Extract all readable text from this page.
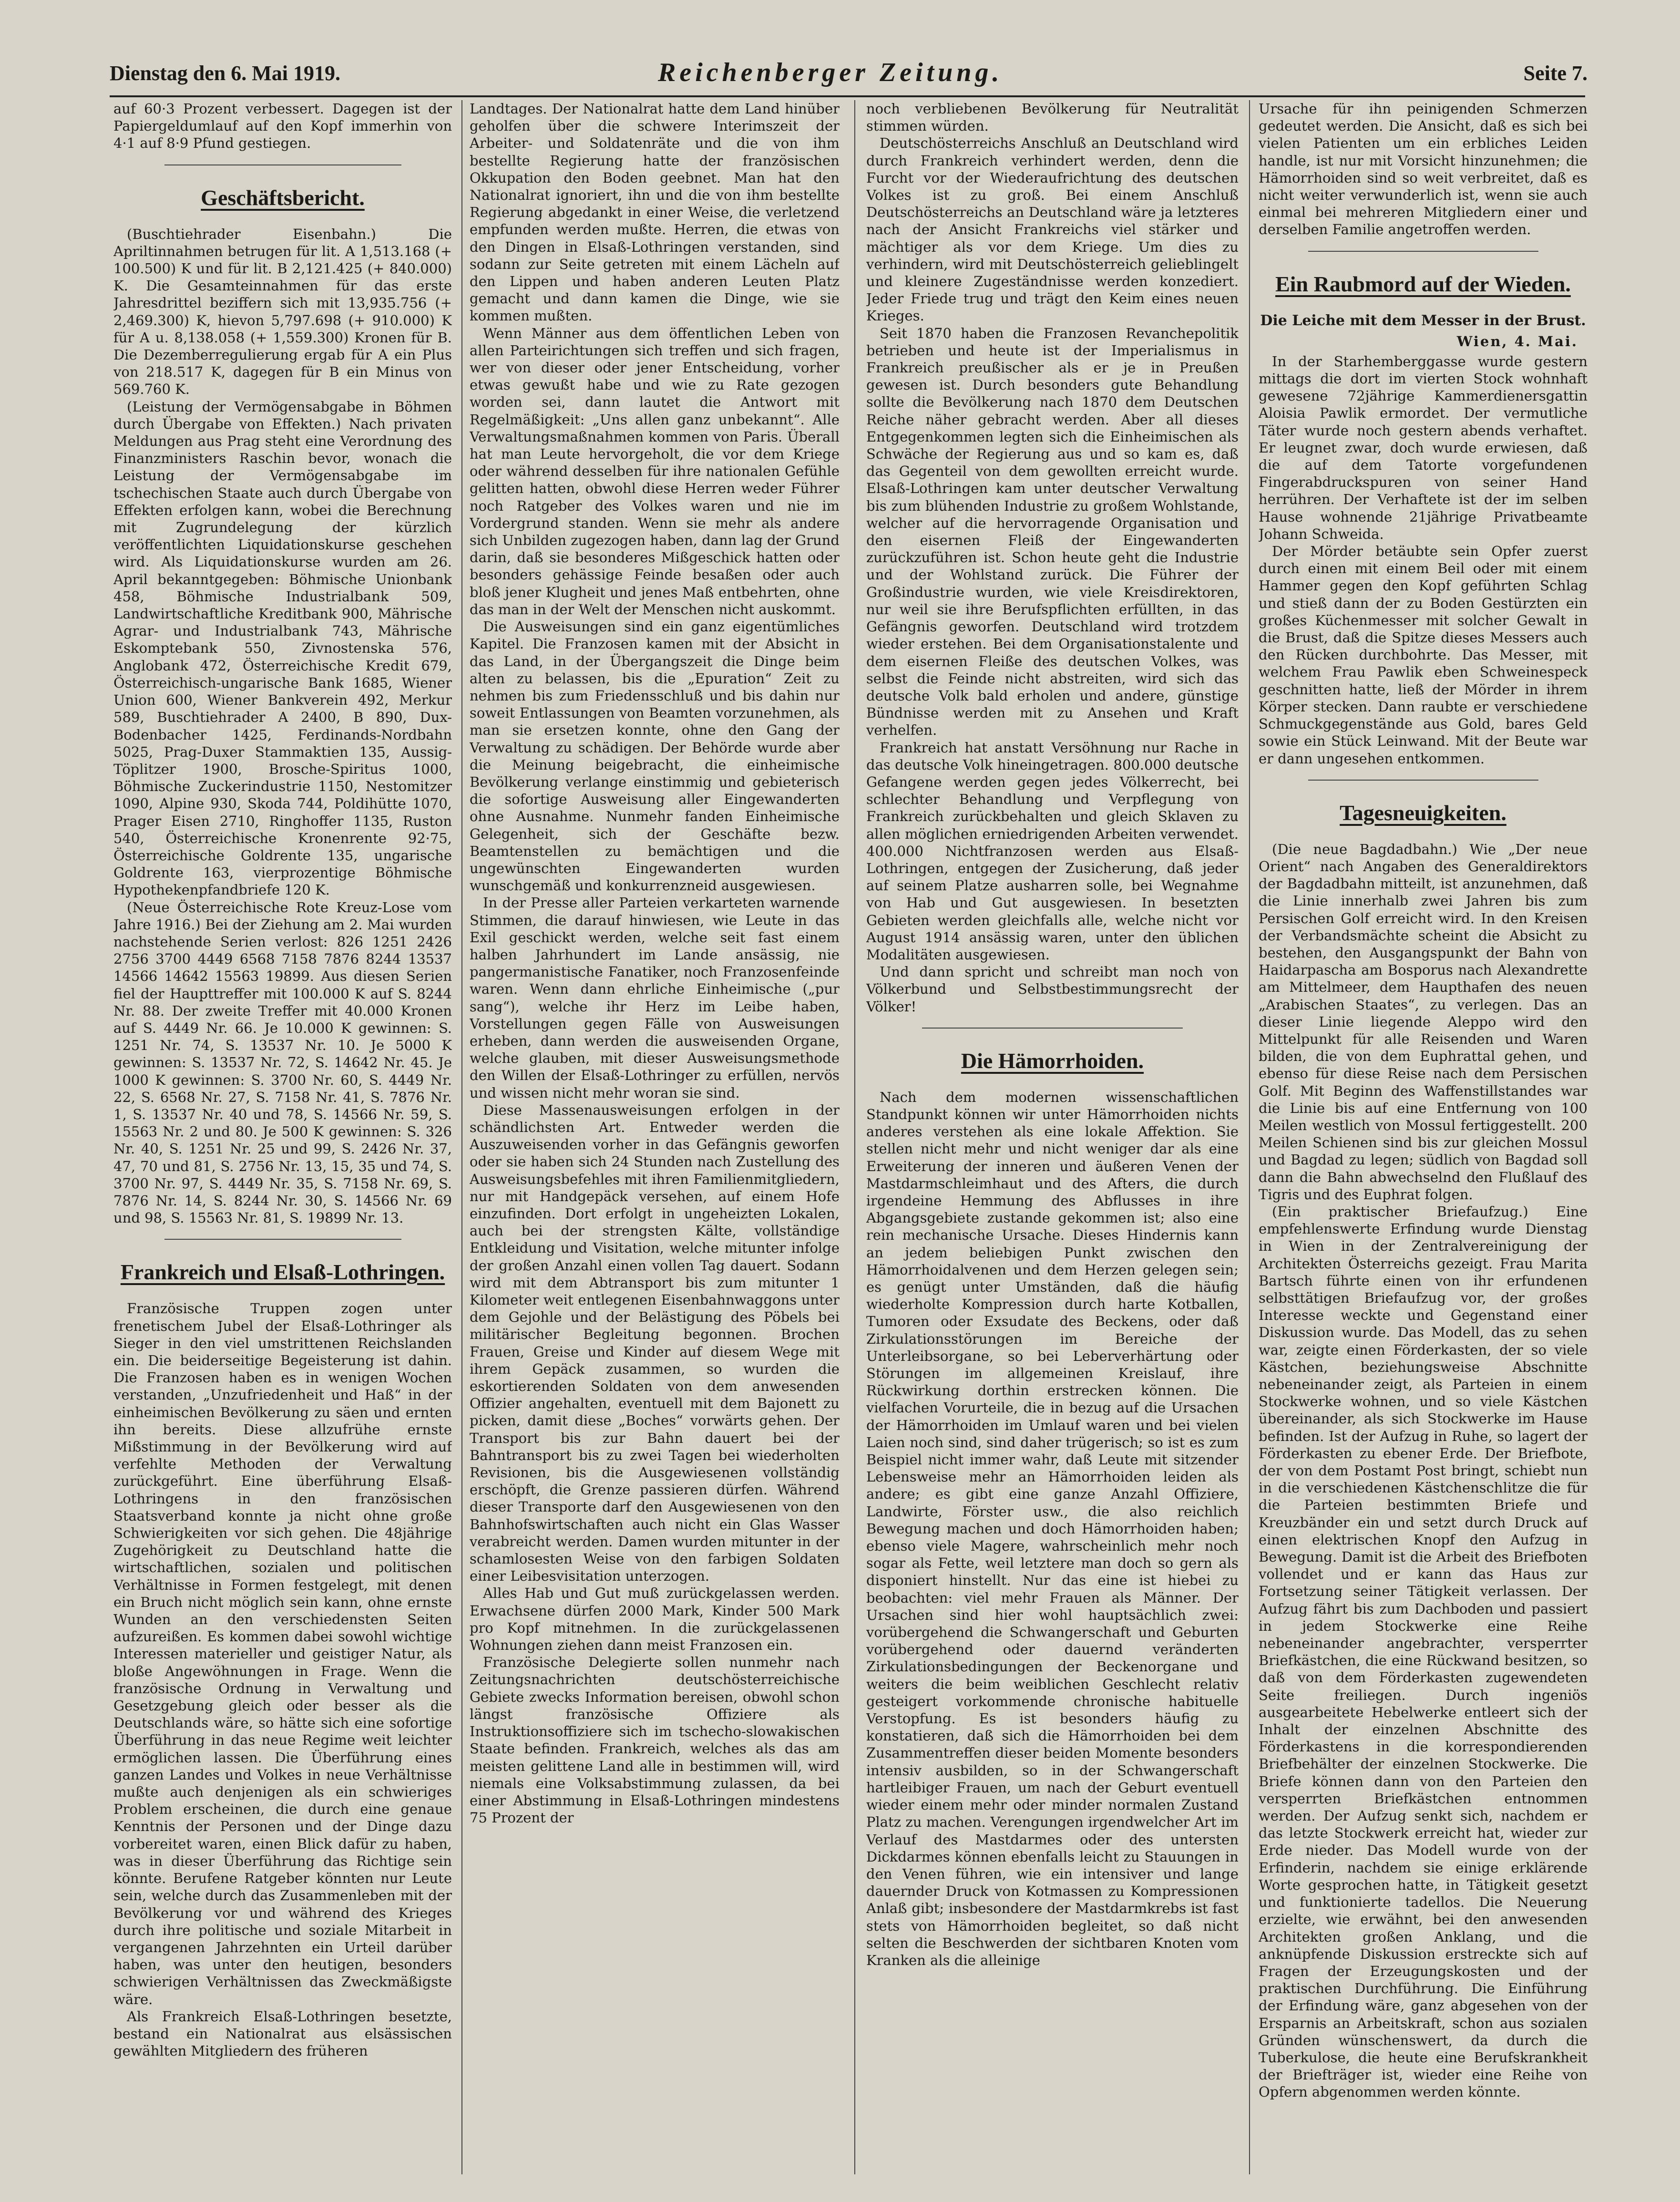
Dienstag den 6. Mai 1919.	Reichenberger Zeitung.	Seite 7.

auf 60·3 Prozent verbessert. Dagegen ist der Papiergeldumlauf auf den Kopf immerhin von 4·1 auf 8·9 Pfund gestiegen.

Geschäftsbericht.

(Buschtiehrader Eisenbahn.) Die Apriltinnahmen betrugen für lit. A 1,513.168 (+ 100.500) K und für lit. B 2,121.425 (+ 840.000) K. Die Gesamteinnahmen für das erste Jahresdrittel beziffern sich mit 13,935.756 (+ 2,469.300) K, hievon 5,797.698 (+ 910.000) K für A u. 8,138.058 (+ 1,559.300) Kronen für B. Die Dezemberregulierung ergab für A ein Plus von 218.517 K, dagegen für B ein Minus von 569.760 K.

(Leistung der Vermögensabgabe in Böhmen durch Übergabe von Effekten.) Nach privaten Meldungen aus Prag steht eine Verordnung des Finanzministers Raschin bevor, wonach die Leistung der Vermögensabgabe im tschechischen Staate auch durch Übergabe von Effekten erfolgen kann, wobei die Berechnung mit Zugrundelegung der kürzlich veröffentlichten Liquidationskurse geschehen wird. Als Liquidationskurse wurden am 26. April bekanntgegeben: Böhmische Unionbank 458, Böhmische Industrialbank 509, Landwirtschaftliche Kreditbank 900, Mährische Agrar- und Industrialbank 743, Mährische Eskomptebank 550, Zivnostenska 576, Anglobank 472, Österreichische Kredit 679, Österreichisch-ungarische Bank 1685, Wiener Union 600, Wiener Bankverein 492, Merkur 589, Buschtiehrader A 2400, B 890, Dux-Bodenbacher 1425, Ferdinands-Nordbahn 5025, Prag-Duxer Stammaktien 135, Aussig-Töplitzer 1900, Brosche-Spiritus 1000, Böhmische Zuckerindustrie 1150, Nestomitzer 1090, Alpine 930, Skoda 744, Poldihütte 1070, Prager Eisen 2710, Ringhoffer 1135, Ruston 540, Österreichische Kronenrente 92·75, Österreichische Goldrente 135, ungarische Goldrente 163, vierprozentige Böhmische Hypothekenpfandbriefe 120 K.

(Neue Österreichische Rote Kreuz-Lose vom Jahre 1916.) Bei der Ziehung am 2. Mai wurden nachstehende Serien verlost: 826 1251 2426 2756 3700 4449 6568 7158 7876 8244 13537 14566 14642 15563 19899. Aus diesen Serien fiel der Haupttreffer mit 100.000 K auf S. 8244 Nr. 88. Der zweite Treffer mit 40.000 Kronen auf S. 4449 Nr. 66. Je 10.000 K gewinnen: S. 1251 Nr. 74, S. 13537 Nr. 10. Je 5000 K gewinnen: S. 13537 Nr. 72, S. 14642 Nr. 45. Je 1000 K gewinnen: S. 3700 Nr. 60, S. 4449 Nr. 22, S. 6568 Nr. 27, S. 7158 Nr. 41, S. 7876 Nr. 1, S. 13537 Nr. 40 und 78, S. 14566 Nr. 59, S. 15563 Nr. 2 und 80. Je 500 K gewinnen: S. 326 Nr. 40, S. 1251 Nr. 25 und 99, S. 2426 Nr. 37, 47, 70 und 81, S. 2756 Nr. 13, 15, 35 und 74, S. 3700 Nr. 97, S. 4449 Nr. 35, S. 7158 Nr. 69, S. 7876 Nr. 14, S. 8244 Nr. 30, S. 14566 Nr. 69 und 98, S. 15563 Nr. 81, S. 19899 Nr. 13.

Frankreich und Elsaß-Lothringen.

Französische Truppen zogen unter frenetischem Jubel der Elsaß-Lothringer als Sieger in den viel umstrittenen Reichslanden ein. Die beiderseitige Begeisterung ist dahin. Die Franzosen haben es in wenigen Wochen verstanden, „Unzufriedenheit und Haß“ in der einheimischen Bevölkerung zu säen und ernten ihn bereits. Diese allzufrühe ernste Mißstimmung in der Bevölkerung wird auf verfehlte Methoden der Verwaltung zurückgeführt. Eine überführung Elsaß-Lothringens in den französischen Staatsverband konnte ja nicht ohne große Schwierigkeiten vor sich gehen. Die 48jährige Zugehörigkeit zu Deutschland hatte die wirtschaftlichen, sozialen und politischen Verhältnisse in Formen festgelegt, mit denen ein Bruch nicht möglich sein kann, ohne ernste Wunden an den verschiedensten Seiten aufzureißen. Es kommen dabei sowohl wichtige Interessen materieller und geistiger Natur, als bloße Angewöhnungen in Frage. Wenn die französische Ordnung in Verwaltung und Gesetzgebung gleich oder besser als die Deutschlands wäre, so hätte sich eine sofortige Überführung in das neue Regime weit leichter ermöglichen lassen. Die Überführung eines ganzen Landes und Volkes in neue Verhältnisse mußte auch denjenigen als ein schwieriges Problem erscheinen, die durch eine genaue Kenntnis der Personen und der Dinge dazu vorbereitet waren, einen Blick dafür zu haben, was in dieser Überführung das Richtige sein könnte. Berufene Ratgeber könnten nur Leute sein, welche durch das Zusammenleben mit der Bevölkerung vor und während des Krieges durch ihre politische und soziale Mitarbeit in vergangenen Jahrzehnten ein Urteil darüber haben, was unter den heutigen, besonders schwierigen Verhältnissen das Zweckmäßigste wäre.

Als Frankreich Elsaß-Lothringen besetzte, bestand ein Nationalrat aus elsässischen gewählten Mitgliedern des früheren

Landtages. Der Nationalrat hatte dem Land hinüber geholfen über die schwere Interimszeit der Arbeiter- und Soldatenräte und die von ihm bestellte Regierung hatte der französischen Okkupation den Boden geebnet. Man hat den Nationalrat ignoriert, ihn und die von ihm bestellte Regierung abgedankt in einer Weise, die verletzend empfunden werden mußte. Herren, die etwas von den Dingen in Elsaß-Lothringen verstanden, sind sodann zur Seite getreten mit einem Lächeln auf den Lippen und haben anderen Leuten Platz gemacht und dann kamen die Dinge, wie sie kommen mußten.

Wenn Männer aus dem öffentlichen Leben von allen Parteirichtungen sich treffen und sich fragen, wer von dieser oder jener Entscheidung, vorher etwas gewußt habe und wie zu Rate gezogen worden sei, dann lautet die Antwort mit Regelmäßigkeit: „Uns allen ganz unbekannt“. Alle Verwaltungsmaßnahmen kommen von Paris. Überall hat man Leute hervorgeholt, die vor dem Kriege oder während desselben für ihre nationalen Gefühle gelitten hatten, obwohl diese Herren weder Führer noch Ratgeber des Volkes waren und nie im Vordergrund standen. Wenn sie mehr als andere sich Unbilden zugezogen haben, dann lag der Grund darin, daß sie besonderes Mißgeschick hatten oder besonders gehässige Feinde besaßen oder auch bloß jener Klugheit und jenes Maß entbehrten, ohne das man in der Welt der Menschen nicht auskommt.

Die Ausweisungen sind ein ganz eigentümliches Kapitel. Die Franzosen kamen mit der Absicht in das Land, in der Übergangszeit die Dinge beim alten zu belassen, bis die „Epuration“ Zeit zu nehmen bis zum Friedensschluß und bis dahin nur soweit Entlassungen von Beamten vorzunehmen, als man sie ersetzen konnte, ohne den Gang der Verwaltung zu schädigen. Der Behörde wurde aber die Meinung beigebracht, die einheimische Bevölkerung verlange einstimmig und gebieterisch die sofortige Ausweisung aller Eingewanderten ohne Ausnahme. Nunmehr fanden Einheimische Gelegenheit, sich der Geschäfte bezw. Beamtenstellen zu bemächtigen und die ungewünschten Eingewanderten wurden wunschgemäß und konkurrenzneid ausgewiesen.

In der Presse aller Parteien verkarteten warnende Stimmen, die darauf hinwiesen, wie Leute in das Exil geschickt werden, welche seit fast einem halben Jahrhundert im Lande ansässig, nie pangermanistische Fanatiker, noch Franzosenfeinde waren. Wenn dann ehrliche Einheimische („pur sang“), welche ihr Herz im Leibe haben, Vorstellungen gegen Fälle von Ausweisungen erheben, dann werden die ausweisenden Organe, welche glauben, mit dieser Ausweisungsmethode den Willen der Elsaß-Lothringer zu erfüllen, nervös und wissen nicht mehr woran sie sind.

Diese Massenausweisungen erfolgen in der schändlichsten Art. Entweder werden die Auszuweisenden vorher in das Gefängnis geworfen oder sie haben sich 24 Stunden nach Zustellung des Ausweisungsbefehles mit ihren Familienmitgliedern, nur mit Handgepäck versehen, auf einem Hofe einzufinden. Dort erfolgt in ungeheizten Lokalen, auch bei der strengsten Kälte, vollständige Entkleidung und Visitation, welche mitunter infolge der großen Anzahl einen vollen Tag dauert. Sodann wird mit dem Abtransport bis zum mitunter 1 Kilometer weit entlegenen Eisenbahnwaggons unter dem Gejohle und der Belästigung des Pöbels bei militärischer Begleitung begonnen. Brochen Frauen, Greise und Kinder auf diesem Wege mit ihrem Gepäck zusammen, so wurden die eskortierenden Soldaten von dem anwesenden Offizier angehalten, eventuell mit dem Bajonett zu picken, damit diese „Boches“ vorwärts gehen. Der Transport bis zur Bahn dauert bei der Bahntransport bis zu zwei Tagen bei wiederholten Revisionen, bis die Ausgewiesenen vollständig erschöpft, die Grenze passieren dürfen. Während dieser Transporte darf den Ausgewiesenen von den Bahnhofswirtschaften auch nicht ein Glas Wasser verabreicht werden. Damen wurden mitunter in der schamlosesten Weise von den farbigen Soldaten einer Leibesvisitation unterzogen.

Alles Hab und Gut muß zurückgelassen werden. Erwachsene dürfen 2000 Mark, Kinder 500 Mark pro Kopf mitnehmen. In die zurückgelassenen Wohnungen ziehen dann meist Franzosen ein.

Französische Delegierte sollen nunmehr nach Zeitungsnachrichten deutschösterreichische Gebiete zwecks Information bereisen, obwohl schon längst französische Offiziere als Instruktionsoffiziere sich im tschecho-slowakischen Staate befinden. Frankreich, welches als das am meisten gelittene Land alle in bestimmen will, wird niemals eine Volksabstimmung zulassen, da bei einer Abstimmung in Elsaß-Lothringen mindestens 75 Prozent der

noch verbliebenen Bevölkerung für Neutralität stimmen würden.

Deutschösterreichs Anschluß an Deutschland wird durch Frankreich verhindert werden, denn die Furcht vor der Wiederaufrichtung des deutschen Volkes ist zu groß. Bei einem Anschluß Deutschösterreichs an Deutschland wäre ja letzteres nach der Ansicht Frankreichs viel stärker und mächtiger als vor dem Kriege. Um dies zu verhindern, wird mit Deutschösterreich gelieblingelt und kleinere Zugeständnisse werden konzediert. Jeder Friede trug und trägt den Keim eines neuen Krieges.

Seit 1870 haben die Franzosen Revanchepolitik betrieben und heute ist der Imperialismus in Frankreich preußischer als er je in Preußen gewesen ist. Durch besonders gute Behandlung sollte die Bevölkerung nach 1870 dem Deutschen Reiche näher gebracht werden. Aber all dieses Entgegenkommen legten sich die Einheimischen als Schwäche der Regierung aus und so kam es, daß das Gegenteil von dem gewollten erreicht wurde. Elsaß-Lothringen kam unter deutscher Verwaltung bis zum blühenden Industrie zu großem Wohlstande, welcher auf die hervorragende Organisation und den eisernen Fleiß der Eingewanderten zurückzuführen ist. Schon heute geht die Industrie und der Wohlstand zurück. Die Führer der Großindustrie wurden, wie viele Kreisdirektoren, nur weil sie ihre Berufspflichten erfüllten, in das Gefängnis geworfen. Deutschland wird trotzdem wieder erstehen. Bei dem Organisationstalente und dem eisernen Fleiße des deutschen Volkes, was selbst die Feinde nicht abstreiten, wird sich das deutsche Volk bald erholen und andere, günstige Bündnisse werden mit zu Ansehen und Kraft verhelfen.

Frankreich hat anstatt Versöhnung nur Rache in das deutsche Volk hineingetragen. 800.000 deutsche Gefangene werden gegen jedes Völkerrecht, bei schlechter Behandlung und Verpflegung von Frankreich zurückbehalten und gleich Sklaven zu allen möglichen erniedrigenden Arbeiten verwendet. 400.000 Nichtfranzosen werden aus Elsaß-Lothringen, entgegen der Zusicherung, daß jeder auf seinem Platze ausharren solle, bei Wegnahme von Hab und Gut ausgewiesen. In besetzten Gebieten werden gleichfalls alle, welche nicht vor August 1914 ansässig waren, unter den üblichen Modalitäten ausgewiesen.

Und dann spricht und schreibt man noch von Völkerbund und Selbstbestimmungsrecht der Völker!

Die Hämorrhoiden.

Nach dem modernen wissenschaftlichen Standpunkt können wir unter Hämorrhoiden nichts anderes verstehen als eine lokale Affektion. Sie stellen nicht mehr und nicht weniger dar als eine Erweiterung der inneren und äußeren Venen der Mastdarmschleimhaut und des Afters, die durch irgendeine Hemmung des Abflusses in ihre Abgangsgebiete zustande gekommen ist; also eine rein mechanische Ursache. Dieses Hindernis kann an jedem beliebigen Punkt zwischen den Hämorrhoidalvenen und dem Herzen gelegen sein; es genügt unter Umständen, daß die häufig wiederholte Kompression durch harte Kotballen, Tumoren oder Exsudate des Beckens, oder daß Zirkulationsstörungen im Bereiche der Unterleibsorgane, so bei Leberverhärtung oder Störungen im allgemeinen Kreislauf, ihre Rückwirkung dorthin erstrecken können. Die vielfachen Vorurteile, die in bezug auf die Ursachen der Hämorrhoiden im Umlauf waren und bei vielen Laien noch sind, sind daher trügerisch; so ist es zum Beispiel nicht immer wahr, daß Leute mit sitzender Lebensweise mehr an Hämorrhoiden leiden als andere; es gibt eine ganze Anzahl Offiziere, Landwirte, Förster usw., die also reichlich Bewegung machen und doch Hämorrhoiden haben; ebenso viele Magere, wahrscheinlich mehr noch sogar als Fette, weil letztere man doch so gern als disponiert hinstellt. Nur das eine ist hiebei zu beobachten: viel mehr Frauen als Männer. Der Ursachen sind hier wohl hauptsächlich zwei: vorübergehend die Schwangerschaft und Geburten vorübergehend oder dauernd veränderten Zirkulationsbedingungen der Beckenorgane und weiters die beim weiblichen Geschlecht relativ gesteigert vorkommende chronische habituelle Verstopfung. Es ist besonders häufig zu konstatieren, daß sich die Hämorrhoiden bei dem Zusammentreffen dieser beiden Momente besonders intensiv ausbilden, so in der Schwangerschaft hartleibiger Frauen, um nach der Geburt eventuell wieder einem mehr oder minder normalen Zustand Platz zu machen. Verengungen irgendwelcher Art im Verlauf des Mastdarmes oder des untersten Dickdarmes können ebenfalls leicht zu Stauungen in den Venen führen, wie ein intensiver und lange dauernder Druck von Kotmassen zu Kompressionen Anlaß gibt; insbesondere der Mastdarmkrebs ist fast stets von Hämorrhoiden begleitet, so daß nicht selten die Beschwerden der sichtbaren Knoten vom Kranken als die alleinige

Ursache für ihn peinigenden Schmerzen gedeutet werden. Die Ansicht, daß es sich bei vielen Patienten um ein erbliches Leiden handle, ist nur mit Vorsicht hinzunehmen; die Hämorrhoiden sind so weit verbreitet, daß es nicht weiter verwunderlich ist, wenn sie auch einmal bei mehreren Mitgliedern einer und derselben Familie angetroffen werden.

Ein Raubmord auf der Wieden.
Die Leiche mit dem Messer in der Brust.
Wien, 4. Mai.

In der Starhemberggasse wurde gestern mittags die dort im vierten Stock wohnhaft gewesene 72jährige Kammerdienersgattin Aloisia Pawlik ermordet. Der vermutliche Täter wurde noch gestern abends verhaftet. Er leugnet zwar, doch wurde erwiesen, daß die auf dem Tatorte vorgefundenen Fingerabdruckspuren von seiner Hand herrühren. Der Verhaftete ist der im selben Hause wohnende 21jährige Privatbeamte Johann Schweida.

Der Mörder betäubte sein Opfer zuerst durch einen mit einem Beil oder mit einem Hammer gegen den Kopf geführten Schlag und stieß dann der zu Boden Gestürzten ein großes Küchenmesser mit solcher Gewalt in die Brust, daß die Spitze dieses Messers auch den Rücken durchbohrte. Das Messer, mit welchem Frau Pawlik eben Schweinespeck geschnitten hatte, ließ der Mörder in ihrem Körper stecken. Dann raubte er verschiedene Schmuckgegenstände aus Gold, bares Geld sowie ein Stück Leinwand. Mit der Beute war er dann ungesehen entkommen.

Tagesneuigkeiten.

(Die neue Bagdadbahn.) Wie „Der neue Orient“ nach Angaben des Generaldirektors der Bagdadbahn mitteilt, ist anzunehmen, daß die Linie innerhalb zwei Jahren bis zum Persischen Golf erreicht wird. In den Kreisen der Verbandsmächte scheint die Absicht zu bestehen, den Ausgangspunkt der Bahn von Haidarpascha am Bosporus nach Alexandrette am Mittelmeer, dem Haupthafen des neuen „Arabischen Staates“, zu verlegen. Das an dieser Linie liegende Aleppo wird den Mittelpunkt für alle Reisenden und Waren bilden, die von dem Euphrattal gehen, und ebenso für diese Reise nach dem Persischen Golf. Mit Beginn des Waffenstillstandes war die Linie bis auf eine Entfernung von 100 Meilen westlich von Mossul fertiggestellt. 200 Meilen Schienen sind bis zur gleichen Mossul und Bagdad zu legen; südlich von Bagdad soll dann die Bahn abwechselnd den Flußlauf des Tigris und des Euphrat folgen.

(Ein praktischer Briefaufzug.) Eine empfehlenswerte Erfindung wurde Dienstag in Wien in der Zentralvereinigung der Architekten Österreichs gezeigt. Frau Marita Bartsch führte einen von ihr erfundenen selbsttätigen Briefaufzug vor, der großes Interesse weckte und Gegenstand einer Diskussion wurde. Das Modell, das zu sehen war, zeigte einen Förderkasten, der so viele Kästchen, beziehungsweise Abschnitte nebeneinander zeigt, als Parteien in einem Stockwerke wohnen, und so viele Kästchen übereinander, als sich Stockwerke im Hause befinden. Ist der Aufzug in Ruhe, so lagert der Förderkasten zu ebener Erde. Der Briefbote, der von dem Postamt Post bringt, schiebt nun in die verschiedenen Kästchenschlitze die für die Parteien bestimmten Briefe und Kreuzbänder ein und setzt durch Druck auf einen elektrischen Knopf den Aufzug in Bewegung. Damit ist die Arbeit des Briefboten vollendet und er kann das Haus zur Fortsetzung seiner Tätigkeit verlassen. Der Aufzug fährt bis zum Dachboden und passiert in jedem Stockwerke eine Reihe nebeneinander angebrachter, versperrter Briefkästchen, die eine Rückwand besitzen, so daß von dem Förderkasten zugewendeten Seite freiliegen. Durch ingeniös ausgearbeitete Hebelwerke entleert sich der Inhalt der einzelnen Abschnitte des Förderkastens in die korrespondierenden Briefbehälter der einzelnen Stockwerke. Die Briefe können dann von den Parteien den versperrten Briefkästchen entnommen werden. Der Aufzug senkt sich, nachdem er das letzte Stockwerk erreicht hat, wieder zur Erde nieder. Das Modell wurde von der Erfinderin, nachdem sie einige erklärende Worte gesprochen hatte, in Tätigkeit gesetzt und funktionierte tadellos. Die Neuerung erzielte, wie erwähnt, bei den anwesenden Architekten großen Anklang, und die anknüpfende Diskussion erstreckte sich auf Fragen der Erzeugungskosten und der praktischen Durchführung. Die Einführung der Erfindung wäre, ganz abgesehen von der Ersparnis an Arbeitskraft, schon aus sozialen Gründen wünschenswert, da durch die Tuberkulose, die heute eine Berufskrankheit der Briefträger ist, wieder eine Reihe von Opfern abgenommen werden könnte.
